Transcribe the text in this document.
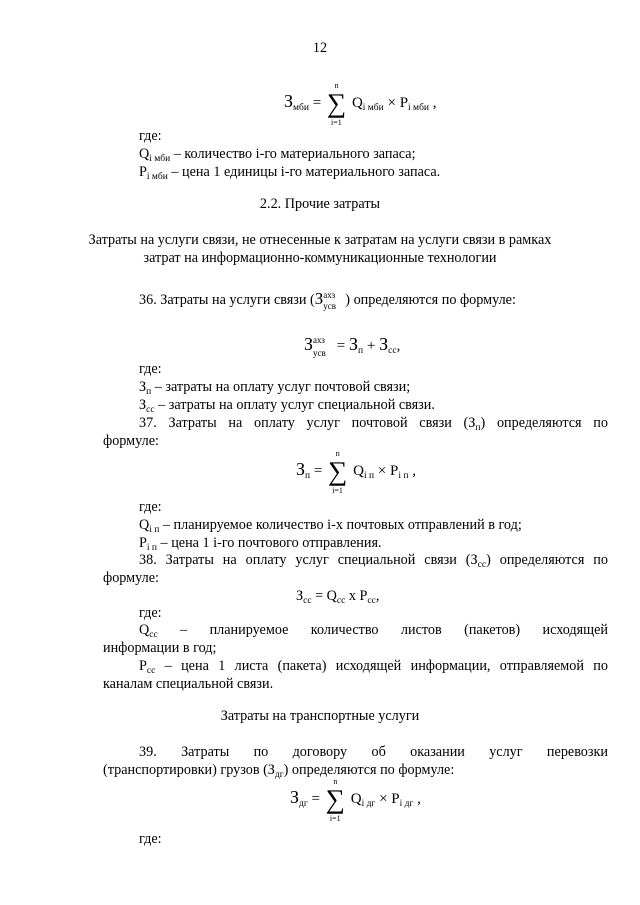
12
$З_{мби}$ = ∑
n
i=1
$Q_{i мби} \times P_{i мби}$ ,
где:
$Q_{i мби}$ – количество i-го материального запаса;
$P_{i мби}$ – цена 1 единицы i-го материального запаса.
2.2. Прочие затраты
Затраты на услуги связи, не отнесенные к затратам на услуги связи в рамках
затрат на информационно-коммуникационные технологии
36. Затраты на услуги связи (З ахз
усв ) определяются по формуле:
З ахз
усв = $З_п + З_{сс}$,
где:
$З_п$ – затраты на оплату услуг почтовой связи;
$З_{сс}$ – затраты на оплату услуг специальной связи.
37. Затраты на оплату услуг почтовой связи $(З_п)$ определяются по
формуле:
$З_п$ = ∑
n
i=1
$Q_{i п} \times P_{i п}$ ,
где:
$Q_{i п}$ – планируемое количество i-х почтовых отправлений в год;
$P_{i п}$ – цена 1 i-го почтового отправления.
38. Затраты на оплату услуг специальной связи $(З_{сс})$ определяются по
формуле:
$З_{сс} = Q_{сс}$ x $P_{сс}$,
где:
$Q_{сс}$ – планируемое количество листов (пакетов) исходящей
информации в год;
$P_{сс}$ – цена 1 листа (пакета) исходящей информации, отправляемой по
каналам специальной связи.
Затраты на транспортные услуги
39. Затраты по договору об оказании услуг перевозки
(транспортировки) грузов $(З_{дг})$ определяются по формуле:
$З_{дг}$ = ∑
n
i=1
$Q_{i дг} \times P_{i дг}$ ,
где:
